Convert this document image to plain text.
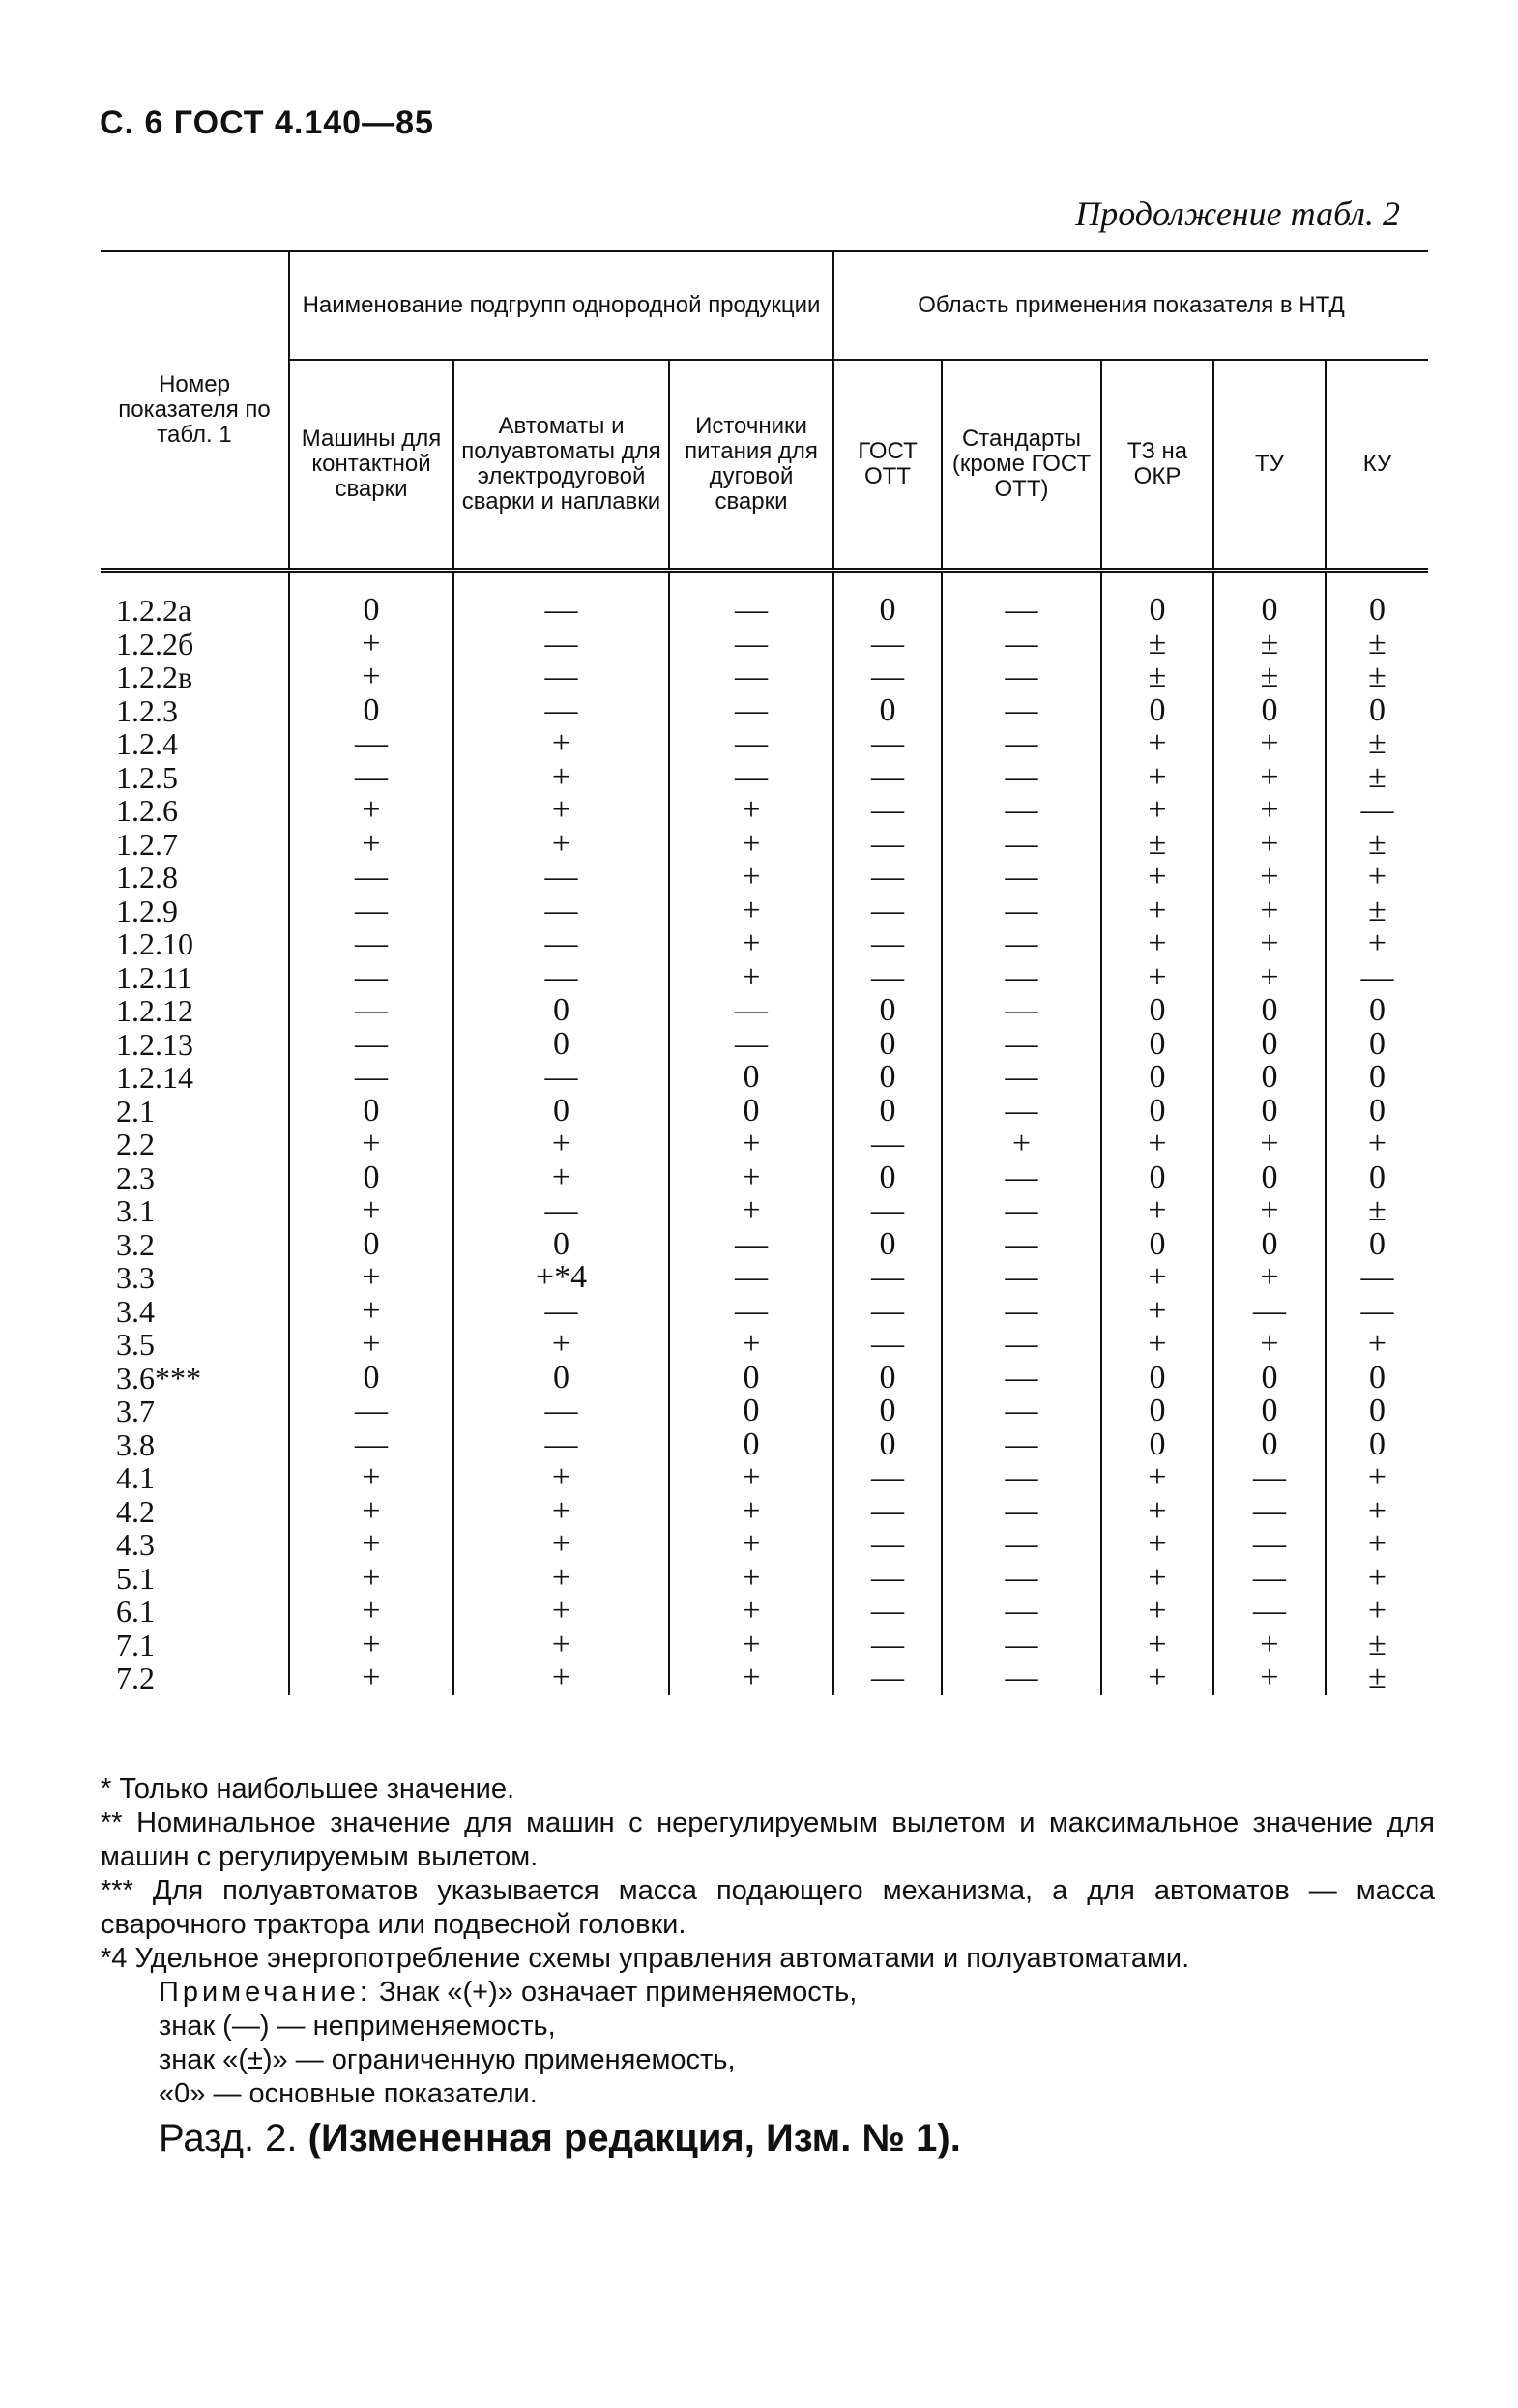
С. 6 ГОСТ 4.140—85
Продолжение табл. 2
Номер показателя по табл. 1	Наименование подгрупп однородной продукции			Область применения показателя в НТД				
	Машины для контактной сварки	Автоматы и полуавтоматы для электродуговой сварки и наплавки	Источники питания для дуговой сварки	ГОСТ ОТТ	Стандарты (кроме ГОСТ ОТТ)	ТЗ на ОКР	ТУ	КУ
1.2.2а	0	—	—	0	—	0	0	0
1.2.2б	+	—	—	—	—	±	±	±
1.2.2в	+	—	—	—	—	±	±	±
1.2.3	0	—	—	0	—	0	0	0
1.2.4	—	+	—	—	—	+	+	±
1.2.5	—	+	—	—	—	+	+	±
1.2.6	+	+	+	—	—	+	+	—
1.2.7	+	+	+	—	—	±	+	±
1.2.8	—	—	+	—	—	+	+	+
1.2.9	—	—	+	—	—	+	+	±
1.2.10	—	—	+	—	—	+	+	+
1.2.11	—	—	+	—	—	+	+	—
1.2.12	—	0	—	0	—	0	0	0
1.2.13	—	0	—	0	—	0	0	0
1.2.14	—	—	0	0	—	0	0	0
2.1	0	0	0	0	—	0	0	0
2.2	+	+	+	—	+	+	+	+
2.3	0	+	+	0	—	0	0	0
3.1	+	—	+	—	—	+	+	±
3.2	0	0	—	0	—	0	0	0
3.3	+	+*4	—	—	—	+	+	—
3.4	+	—	—	—	—	+	—	—
3.5	+	+	+	—	—	+	+	+
3.6***	0	0	0	0	—	0	0	0
3.7	—	—	0	0	—	0	0	0
3.8	—	—	0	0	—	0	0	0
4.1	+	+	+	—	—	+	—	+
4.2	+	+	+	—	—	+	—	+
4.3	+	+	+	—	—	+	—	+
5.1	+	+	+	—	—	+	—	+
6.1	+	+	+	—	—	+	—	+
7.1	+	+	+	—	—	+	+	±
7.2	+	+	+	—	—	+	+	±

* Только наибольшее значение.

** Номинальное значение для машин с нерегулируемым вылетом и максимальное значение для машин с регулируемым вылетом.

*** Для полуавтоматов указывается масса подающего механизма, а для автоматов — масса сварочного трактора или подвесной головки.

*4 Удельное энергопотребление схемы управления автоматами и полуавтоматами.

Примечание: Знак «(+)» означает применяемость,

знак (—) — неприменяемость,

знак «(±)» — ограниченную применяемость,

«0» — основные показатели.

Разд. 2. (Измененная редакция, Изм. № 1).
